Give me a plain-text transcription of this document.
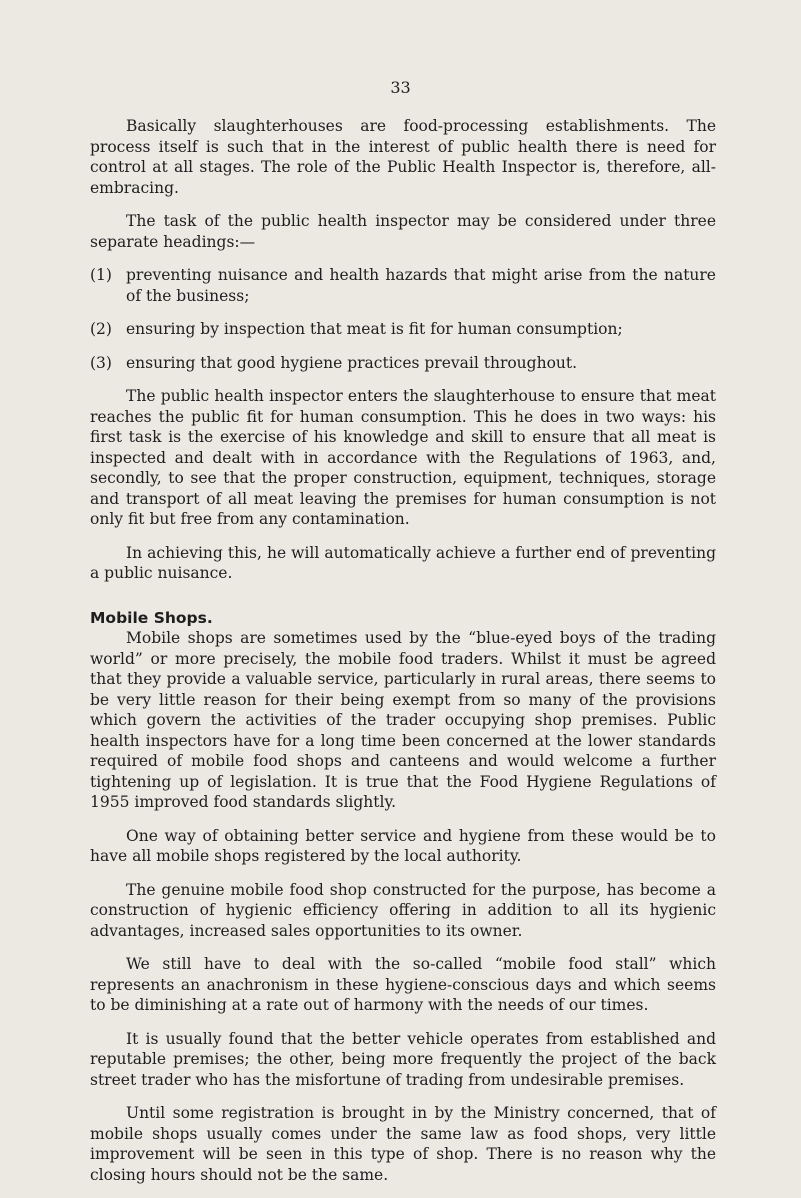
33

Basically slaughterhouses are food-processing establishments. The process itself is such that in the interest of public health there is need for control at all stages. The role of the Public Health Inspector is, therefore, all-embracing.

The task of the public health inspector may be considered under three separate headings:—

(1) preventing nuisance and health hazards that might arise from the nature of the business;
(2) ensuring by inspection that meat is fit for human consumption;
(3) ensuring that good hygiene practices prevail throughout.

The public health inspector enters the slaughterhouse to ensure that meat reaches the public fit for human consumption. This he does in two ways: his first task is the exercise of his knowledge and skill to ensure that all meat is inspected and dealt with in accordance with the Regulations of 1963, and, secondly, to see that the proper construction, equipment, techniques, storage and transport of all meat leaving the premises for human consumption is not only fit but free from any contamination.

In achieving this, he will automatically achieve a further end of preventing a public nuisance.

Mobile Shops.

Mobile shops are sometimes used by the “blue-eyed boys of the trading world” or more precisely, the mobile food traders. Whilst it must be agreed that they provide a valuable service, particularly in rural areas, there seems to be very little reason for their being exempt from so many of the provisions which govern the activities of the trader occupying shop premises. Public health inspectors have for a long time been concerned at the lower standards required of mobile food shops and canteens and would welcome a further tightening up of legislation. It is true that the Food Hygiene Regulations of 1955 improved food standards slightly.

One way of obtaining better service and hygiene from these would be to have all mobile shops registered by the local authority.

The genuine mobile food shop constructed for the purpose, has become a construction of hygienic efficiency offering in addition to all its hygienic advantages, increased sales opportunities to its owner.

We still have to deal with the so-called “mobile food stall” which represents an anachronism in these hygiene-conscious days and which seems to be diminishing at a rate out of harmony with the needs of our times.

It is usually found that the better vehicle operates from established and reputable premises; the other, being more frequently the project of the back street trader who has the misfortune of trading from undesirable premises.

Until some registration is brought in by the Ministry concerned, that of mobile shops usually comes under the same law as food shops, very little improvement will be seen in this type of shop. There is no reason why the closing hours should not be the same.
